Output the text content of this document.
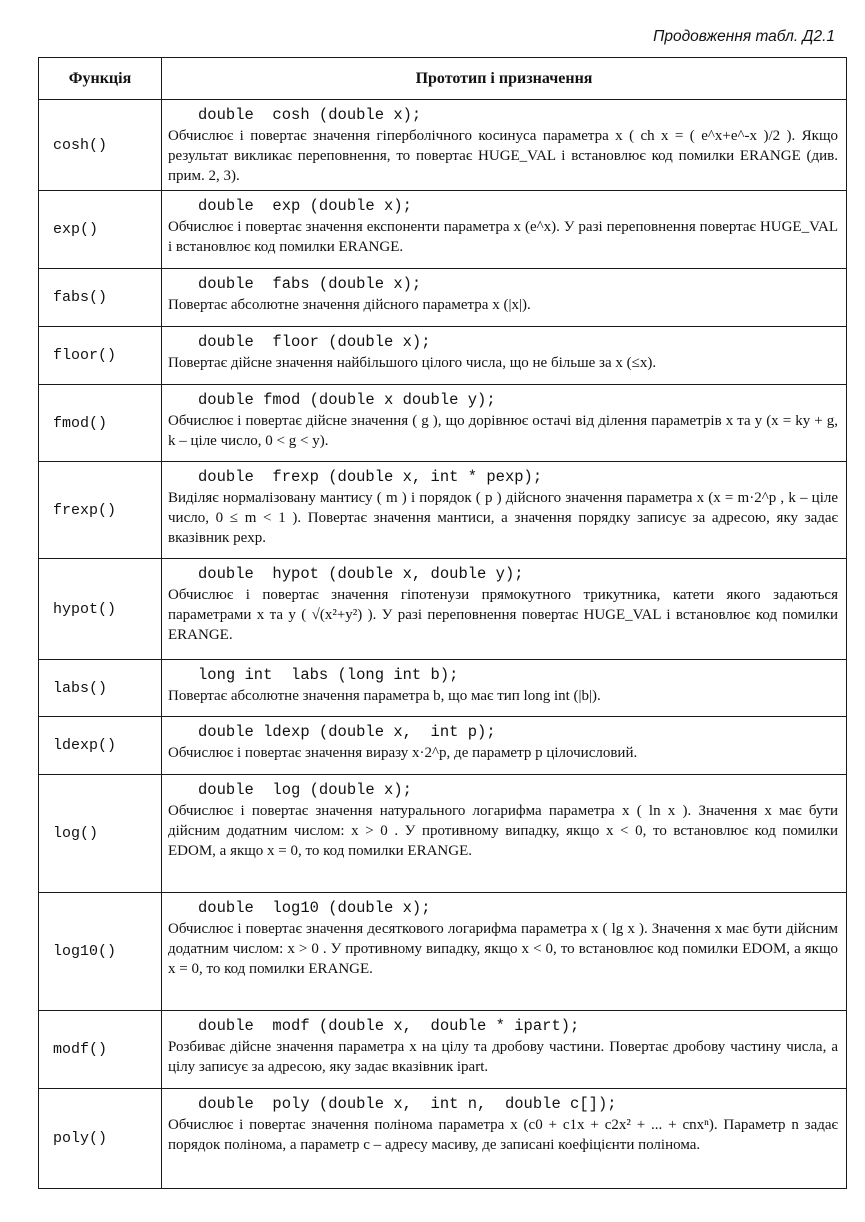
Продовження табл. Д2.1
Функція	Прототип і призначення
cosh()	double  cosh (double x);
Обчислює і повертає значення гіперболічного косинуса параметра x ( ch x = ( e^x+e^-x )/2 ). Якщо результат викликає переповнення, то повертає HUGE_VAL і встановлює код помилки ERANGE (див. прим. 2, 3).

exp()	double  exp (double x);
Обчислює і повертає значення експоненти параметра x (e^x). У разі переповнення повертає HUGE_VAL і встановлює код помилки ERANGE.

fabs()	double  fabs (double x);
Повертає абсолютне значення дійсного параметра x (|x|).

floor()	double  floor (double x);
Повертає дійсне значення найбільшого цілого числа, що не більше за x (≤x).

fmod()	double fmod (double x double y);
Обчислює і повертає дійсне значення ( g ), що дорівнює остачі від ділення параметрів x та y (x = ky + g, k – ціле число, 0 < g < y).

frexp()	double  frexp (double x, int * pexp);
Виділяє нормалізовану мантису ( m ) і порядок ( p ) дійсного значення параметра x (x = m·2^p , k – ціле число, 0 ≤ m < 1 ). Повертає значення мантиси, а значення порядку записує за адресою, яку задає вказівник pexp.

hypot()	double  hypot (double x, double y);
Обчислює і повертає значення гіпотенузи прямокутного трикутника, катети якого задаються параметрами x та y ( √(x²+y²) ). У разі переповнення повертає HUGE_VAL і встановлює код помилки ERANGE.

labs()	long int  labs (long int b);
Повертає абсолютне значення параметра b, що має тип long int (|b|).

ldexp()	double ldexp (double x,  int p);
Обчислює і повертає значення виразу x·2^p, де параметр p цілочисловий.

log()	double  log (double x);
Обчислює і повертає значення натурального логарифма параметра x ( ln x ). Значення x має бути дійсним додатним числом: x > 0 . У противному випадку, якщо x < 0, то встановлює код помилки EDOM, а якщо x = 0, то код помилки ERANGE.

log10()	double  log10 (double x);
Обчислює і повертає значення десяткового логарифма параметра x ( lg x ). Значення x має бути дійсним додатним числом: x > 0 . У противному випадку, якщо x < 0, то встановлює код помилки EDOM, а якщо x = 0, то код помилки ERANGE.

modf()	double  modf (double x,  double * ipart);
Розбиває дійсне значення параметра x на цілу та дробову частини. Повертає дробову частину числа, а цілу записує за адресою, яку задає вказівник ipart.

poly()	double  poly (double x,  int n,  double c[]);
Обчислює і повертає значення полінома параметра x (c0 + c1x + c2x² + ... + cnxⁿ). Параметр n задає порядок полінома, а параметр c – адресу масиву, де записані коефіцієнти полінома.
